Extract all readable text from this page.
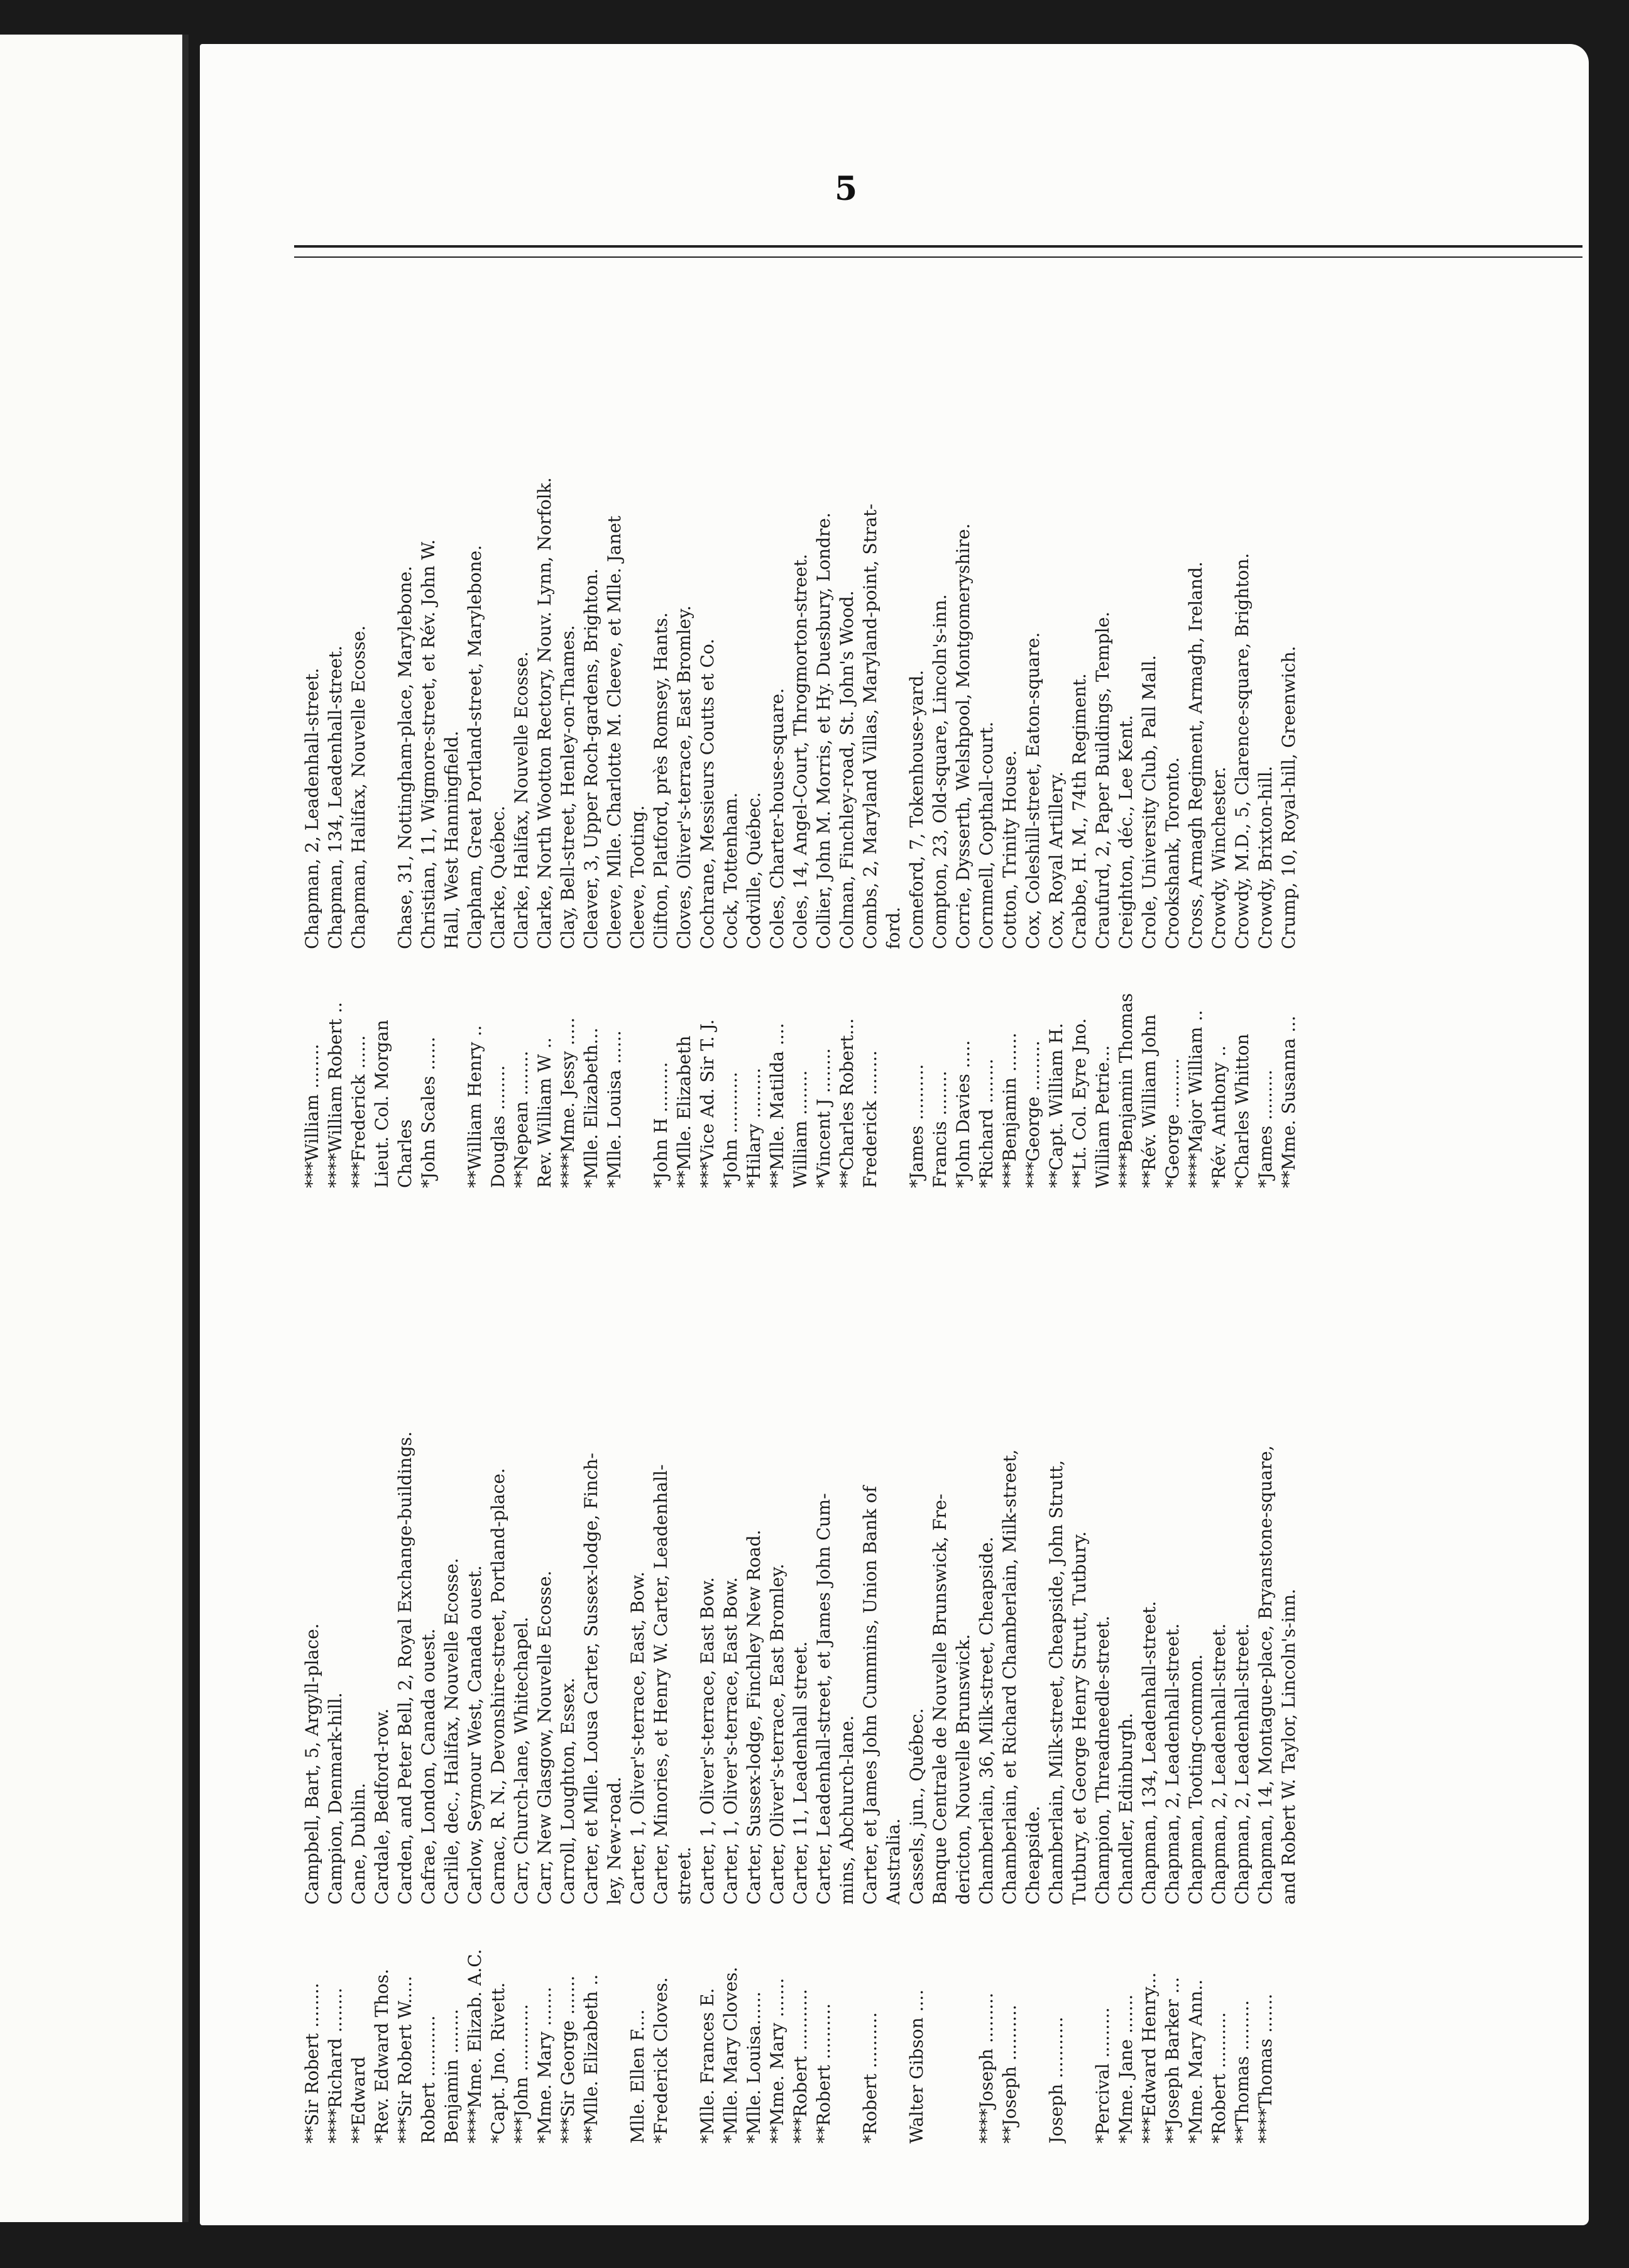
5
**Sir Robert ........
Campbell, Bart, 5, Argyll-place.
****Richard ........
Campion, Denmark-hill.
**Edward
Cane, Dublin.
*Rev. Edward Thos.
Cardale, Bedford-row.
***Sir Robert W.....
Carden, and Peter Bell, 2, Royal Exchange-buildings.
Robert ...........
Cafraе, London, Canada ouest.
Benjamin ........
Carlile, dec., Halifax, Nouvelle Ecosse.
****Mme. Elizab. A.C.
Carlow, Seymour West, Canada ouest.
*Capt. Jno. Rivett.
Carnac, R. N., Devonshire-street, Portland-place.
***John ............
Carr, Church-lane, Whitechapel.
*Mme. Mary .......
Carr, New Glasgow, Nouvelle Ecosse.
***Sir George .......
Carroll, Loughton, Essex.
**Mlle. Elizabeth ..
Carter, et Mlle. Lousa Carter, Sussex-lodge, Finch- ley, New-road.
Mlle. Ellen F....
Carter, 1, Oliver's-terrace, East, Bow.
*Frederick Cloves.
Carter, Minories, et Henry W. Carter, Leadenhall- street.
*Mlle. Frances E.
Carter, 1, Oliver's-terrace, East Bow.
*Mlle. Mary Cloves.
Carter, 1, Oliver's-terrace, East Bow.
*Mlle. Louisa......
Carter, Sussex-lodge, Finchley New Road.
**Mme. Mary .......
Carter, Oliver's-terrace, East Bromley.
***Robert ...........
Carter, 11, Leadenhall street.
**Robert ..........
Carter, Leadenhall-street, et James John Cum- mins, Abchurch-lane.
*Robert ..........
Carter, et James John Cummins, Union Bank of Australia.
Walter Gibson ....
Cassels, jun., Québec. Banque Centrale de Nouvelle Brunswick, Fre- dericton, Nouvelle Brunswick.
****Joseph .........
Chamberlain, 36, Milk-street, Cheapside.
**Joseph ..........
Chamberlain, et Richard Chamberlain, Milk-street, Cheapside.
Joseph ...........
Chamberlain, Milk-street, Cheapside, John Strutt, Tutbury, et George Henry Strutt, Tutbury.
*Percival .........
Champion, Threadneedle-street.
*Mme. Jane .......
Chandler, Edinburgh.
***Edward Henry...
Chapman, 134, Leadenhall-street.
**Joseph Barker ...
Chapman, 2, Leadenhall-street.
*Mme. Mary Ann..
Chapman, Tooting-common.
*Robert ..........
Chapman, 2, Leadenhall-street.
**Thomas .........
Chapman, 2, Leadenhall-street.
****Thomas .......
Chapman, 14, Montague-place, Bryanstone-square, and Robert W. Taylor, Lincoln's-inn.
***William ........
Chapman, 2, Leadenhall-street.
****William Robert ..
Chapman, 134, Leadenhall-street.
***Frederick ......
Chapman, Halifax, Nouvelle Ecosse.
Lieut. Col. Morgan Charles
Chase, 31, Nottingham-place, Marylebone.
*John Scales ......
Christian, 11, Wigmore-street, et Rév. John W. Hall, West Hanningfield.
**William Henry ..
Clapham, Great Portland-street, Marylebone.
Douglas ........
Clarke, Québec.
**Nepean ........
Clarke, Halifax, Nouvelle Ecosse.
Rev. William W ..
Clarke, North Wootton Rectory, Nouv. Lynn, Norfolk.
****Mme. Jessy .....
Clay, Bell-street, Henley-on-Thames.
*Mlle. Elizabeth...
Cleaver, 3, Upper Roch-gardens, Brighton.
*Mlle. Louisa ......
Cleeve, Mlle. Charlotte M. Cleeve, et Mlle. Janet Cleeve, Tooting.
*John H .........
Clifton, Platford, près Romsey, Hants.
**Mlle. Elizabeth
Cloves, Oliver's-terrace, East Bromley.
***Vice Ad. Sir T. J.
Cochrane, Messieurs Coutts et Co.
*John ...........
Cock, Tottenham.
*Hilary .........
Codville, Québec.
**Mlle. Matilda ....
Coles, Charter-house-square.
William ........
Coles, 14, Angel-Court, Throgmorton-street.
*Vincent J ........
Collier, John M. Morris, et Hy. Duesbury, Londre.
**Charles Robert...
Colman, Finchley-road, St. John's Wood.
Frederick ........
Combs, 2, Maryland Villas, Maryland-point, Strat- ford.
*James ..........
Comeford, 7, Tokenhouse-yard.
Francis ........
Compton, 23, Old-square, Lincoln's-inn.
*John Davies .....
Corrie, Dysserth, Welshpool, Montgomeryshire.
*Richard ........
Cornmell, Copthall-court.
***Benjamin .......
Cotton, Trinity House.
***George .........
Cox, Coleshill-street, Eaton-square.
**Capt. William H.
Cox, Royal Artillery.
**Lt. Col. Eyre Jno.
Crabbe, H. M., 74th Regiment.
William Petrie...
Craufurd, 2, Paper Buildings, Temple.
****Benjamin Thomas
Creighton, déc., Lee Kent.
**Rév. William John
Crole, University Club, Pall Mall.
*George .........
Crookshank, Toronto.
****Major William ..
Cross, Armagh Regiment, Armagh, Ireland.
*Rév. Anthony ..
Crowdy, Winchester.
*Charles Whitton
Crowdy, M.D., 5, Clarence-square, Brighton.
*James .........
Crowdy, Brixton-hill.
**Mme. Susanna ...
Crump, 10, Royal-hill, Greenwich.
